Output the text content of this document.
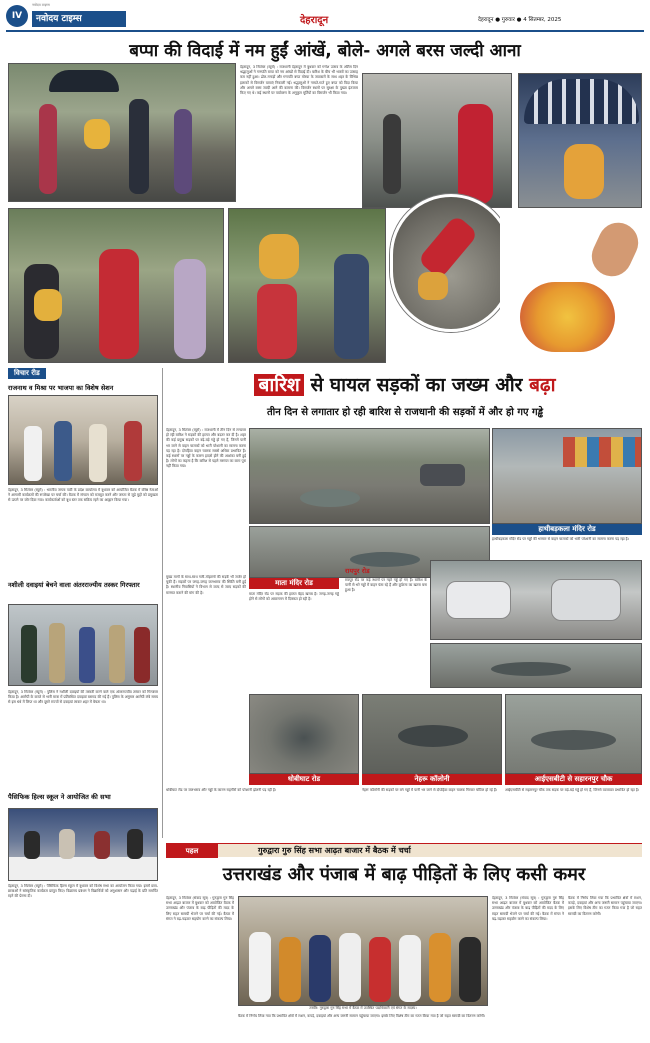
IV
नवोदय टाइम्स
नवोदय टाइम्स	देहरादून	देहरादून ● गुरुवार ● 4 सितम्बर, 2025
बप्पा की विदाई में नम हुईं आंखें, बोले- अगले बरस जल्दी आना
देहरादून, 3 सितंबर (ब्यूरो) : राजधानी देहरादून में बुधवार को गणेश उत्सव के अंतिम दिन श्रद्धालुओं ने गणपति बप्पा को नम आंखों से विदाई दी। बारिश के बीच भी भक्तों का उत्साह कम नहीं हुआ। ढोल-नगाड़ों और गणपति बप्पा मोरया के जयकारों के साथ शहर के विभिन्न इलाकों से विसर्जन यात्राएं निकाली गईं। श्रद्धालुओं ने नाचते-गाते हुए बप्पा को विदा किया और अगले बरस जल्दी आने की कामना की। विसर्जन स्थलों पर सुरक्षा के पुख्ता इंतजाम किए गए थे। कई स्थानों पर पर्यावरण के अनुकूल मूर्तियों का विसर्जन भी किया गया।
विचार रीड
राजनाथ व मिश्रा पर भाजपा का विशेष सेशन
देहरादून, 3 सितंबर (ब्यूरो) : भारतीय जनता पार्टी के प्रदेश कार्यालय में बुधवार को आयोजित बैठक में वरिष्ठ नेताओं ने आगामी कार्यक्रमों की रूपरेखा पर चर्चा की। बैठक में संगठन को मजबूत करने और जनता से जुड़े मुद्दों को प्रमुखता से उठाने पर जोर दिया गया। कार्यकर्ताओं को बूथ स्तर तक सक्रिय रहने का आह्वान किया गया।
नशीली दवाइयां बेचने वाला अंतरराज्यीय तस्कर गिरफ्तार
देहरादून, 3 सितंबर (ब्यूरो) : पुलिस ने नशीली दवाइयों की तस्करी करने वाले एक अंतरराज्यीय तस्कर को गिरफ्तार किया है। आरोपी के कब्जे से भारी मात्रा में प्रतिबंधित दवाइयां बरामद की गई हैं। पुलिस के अनुसार आरोपी लंबे समय से इस धंधे में लिप्त था और दूसरे राज्यों से दवाइयां लाकर शहर में बेचता था।
पैसिफिक हिल्स स्कूल ने आयोजित की सभा
देहरादून, 3 सितंबर (ब्यूरो) : पैसिफिक हिल्स स्कूल में बुधवार को विशेष सभा का आयोजन किया गया। इसमें छात्र-छात्राओं ने सांस्कृतिक कार्यक्रम प्रस्तुत किए। विद्यालय प्रबंधन ने विद्यार्थियों को अनुशासन और पढ़ाई के प्रति समर्पित रहने की प्रेरणा दी।
बारिश से घायल सड़कों का जख्म और बढ़ा
तीन दिन से लगातार हो रही बारिश से राजधानी की सड़कों में और हो गए गड्ढे
देहरादून, 3 सितंबर (ब्यूरो) : राजधानी में तीन दिन से लगातार हो रही बारिश ने सड़कों की हालत और बदतर कर दी है। शहर की कई प्रमुख सड़कों पर बड़े-बड़े गड्ढे हो गए हैं, जिनमें पानी भर जाने से वाहन चालकों को भारी परेशानी का सामना करना पड़ रहा है। दोपहिया वाहन चालक सबसे अधिक प्रभावित हैं। कई स्थानों पर गड्ढों के कारण हादसे होने की आशंका बनी हुई है। लोगों का कहना है कि बारिश से पहले मरम्मत का काम पूरा नहीं किया गया।
हाथीबड़कला मंदिर रोड
हाथीबड़कला मंदिर रोड पर गड्ढों की भरमार से वाहन चालकों को भारी परेशानी का सामना करना पड़ रहा है।
माता मंदिर रोड
मुख्य मार्गों के साथ-साथ गली-मोहल्लों की सड़कें भी जर्जर हो चुकी हैं। सड़कों पर जगह-जगह जलभराव की स्थिति बनी हुई है। स्थानीय निवासियों ने विभाग से जल्द से जल्द सड़कों की मरम्मत कराने की मांग की है।	माता मंदिर रोड पर सड़क की हालत बेहद खराब है। जगह-जगह गड्ढे होने से लोगों को आवागमन में दिक्कत हो रही है।
रायपुर रोड
रायपुर रोड पर कई स्थानों पर गहरे गड्ढे हो गए हैं। बारिश के पानी से भरे गड्ढों में वाहन फंस रहे हैं और दुर्घटना का खतरा बना हुआ है।
धोबीघाट रोड	नेहरू कॉलोनी	आईएसबीटी से सहारनपुर चौक
धोबीघाट रोड पर जलभराव और गड्ढों के कारण राहगीरों को परेशानी झेलनी पड़ रही है।	नेहरू कॉलोनी की सड़कों पर बने गड्ढों में पानी भर जाने से दोपहिया वाहन चालक गिरकर चोटिल हो रहे हैं।	आईएसबीटी से सहारनपुर चौक तक सड़क पर बड़े-बड़े गड्ढे हो गए हैं, जिनसे यातायात प्रभावित हो रहा है।
पहल	गुरुद्वारा गुरु सिंह सभा आढ़त बाजार में बैठक में चर्चा
उत्तराखंड और पंजाब में बाढ़ पीड़ितों के लिए कसी कमर
देहरादून, 3 सितंबर (संवाद सूत्र) : गुरुद्वारा गुरु सिंह सभा आढ़त बाजार में बुधवार को आयोजित बैठक में उत्तराखंड और पंजाब के बाढ़ पीड़ितों की मदद के लिए राहत सामग्री भेजने पर चर्चा की गई। बैठक में संगत ने बढ़-चढ़कर सहयोग करने का संकल्प लिया।
तस्वीर: गुरुद्वारा गुरु सिंह सभा में बैठक में उपस्थित पदाधिकारी एवं संगत के सदस्य।
बैठक में निर्णय लिया गया कि प्रभावित क्षेत्रों में राशन, कपड़े, दवाइयां और अन्य जरूरी सामान पहुंचाया जाएगा। इसके लिए विशेष टीम का गठन किया गया है जो राहत सामग्री का वितरण करेगी।
देहरादून, 3 सितंबर (संवाद सूत्र) : गुरुद्वारा गुरु सिंह सभा आढ़त बाजार में बुधवार को आयोजित बैठक में उत्तराखंड और पंजाब के बाढ़ पीड़ितों की मदद के लिए राहत सामग्री भेजने पर चर्चा की गई। बैठक में संगत ने बढ़-चढ़कर सहयोग करने का संकल्प लिया।
बैठक में निर्णय लिया गया कि प्रभावित क्षेत्रों में राशन, कपड़े, दवाइयां और अन्य जरूरी सामान पहुंचाया जाएगा। इसके लिए विशेष टीम का गठन किया गया है जो राहत सामग्री का वितरण करेगी।
